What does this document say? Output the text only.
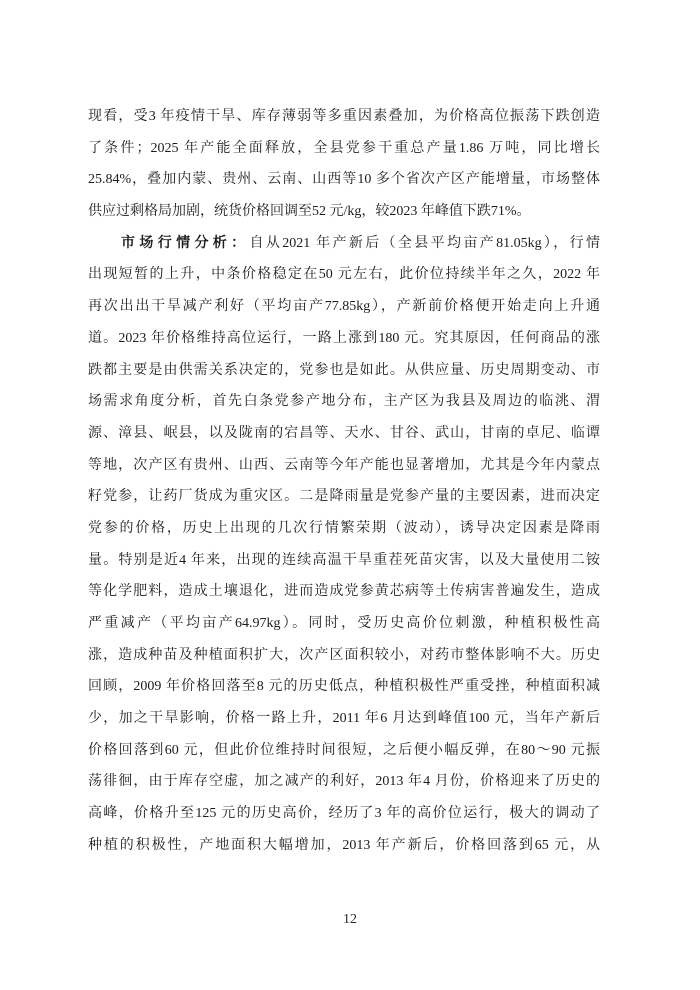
现看，受3 年疫情干旱、库存薄弱等多重因素叠加，为价格高位振荡下跌创造
了条件；2025 年产能全面释放，全县党参干重总产量1.86 万吨，同比增长
25.84%，叠加内蒙、贵州、云南、山西等10 多个省次产区产能增量，市场整体
供应过剩格局加剧，统货价格回调至52 元/kg，较2023 年峰值下跌71%。
市场行情分析：自从2021 年产新后（全县平均亩产81.05kg），行情
出现短暂的上升，中条价格稳定在50 元左右，此价位持续半年之久，2022 年
再次出出干旱减产利好（平均亩产77.85kg），产新前价格便开始走向上升通
道。2023 年价格维持高位运行，一路上涨到180 元。究其原因，任何商品的涨
跌都主要是由供需关系决定的，党参也是如此。从供应量、历史周期变动、市
场需求角度分析，首先白条党参产地分布，主产区为我县及周边的临洮、渭
源、漳县、岷县，以及陇南的宕昌等、天水、甘谷、武山，甘南的卓尼、临谭
等地，次产区有贵州、山西、云南等今年产能也显著增加，尤其是今年内蒙点
籽党参，让药厂货成为重灾区。二是降雨量是党参产量的主要因素，进而决定
党参的价格，历史上出现的几次行情繁荣期（波动），诱导决定因素是降雨
量。特别是近4 年来，出现的连续高温干旱重茬死苗灾害，以及大量使用二铵
等化学肥料，造成土壤退化，进而造成党参黄芯病等土传病害普遍发生，造成
严重减产（平均亩产64.97kg）。同时，受历史高价位刺激，种植积极性高
涨，造成种苗及种植面积扩大，次产区面积较小，对药市整体影响不大。历史
回顾，2009 年价格回落至8 元的历史低点，种植积极性严重受挫，种植面积减
少，加之干旱影响，价格一路上升，2011 年6 月达到峰值100 元，当年产新后
价格回落到60 元，但此价位维持时间很短，之后便小幅反弹，在80～90 元振
荡徘徊，由于库存空虚，加之减产的利好，2013 年4 月份，价格迎来了历史的
高峰，价格升至125 元的历史高价，经历了3 年的高价位运行，极大的调动了
种植的积极性，产地面积大幅增加，2013 年产新后，价格回落到65 元，从
12
